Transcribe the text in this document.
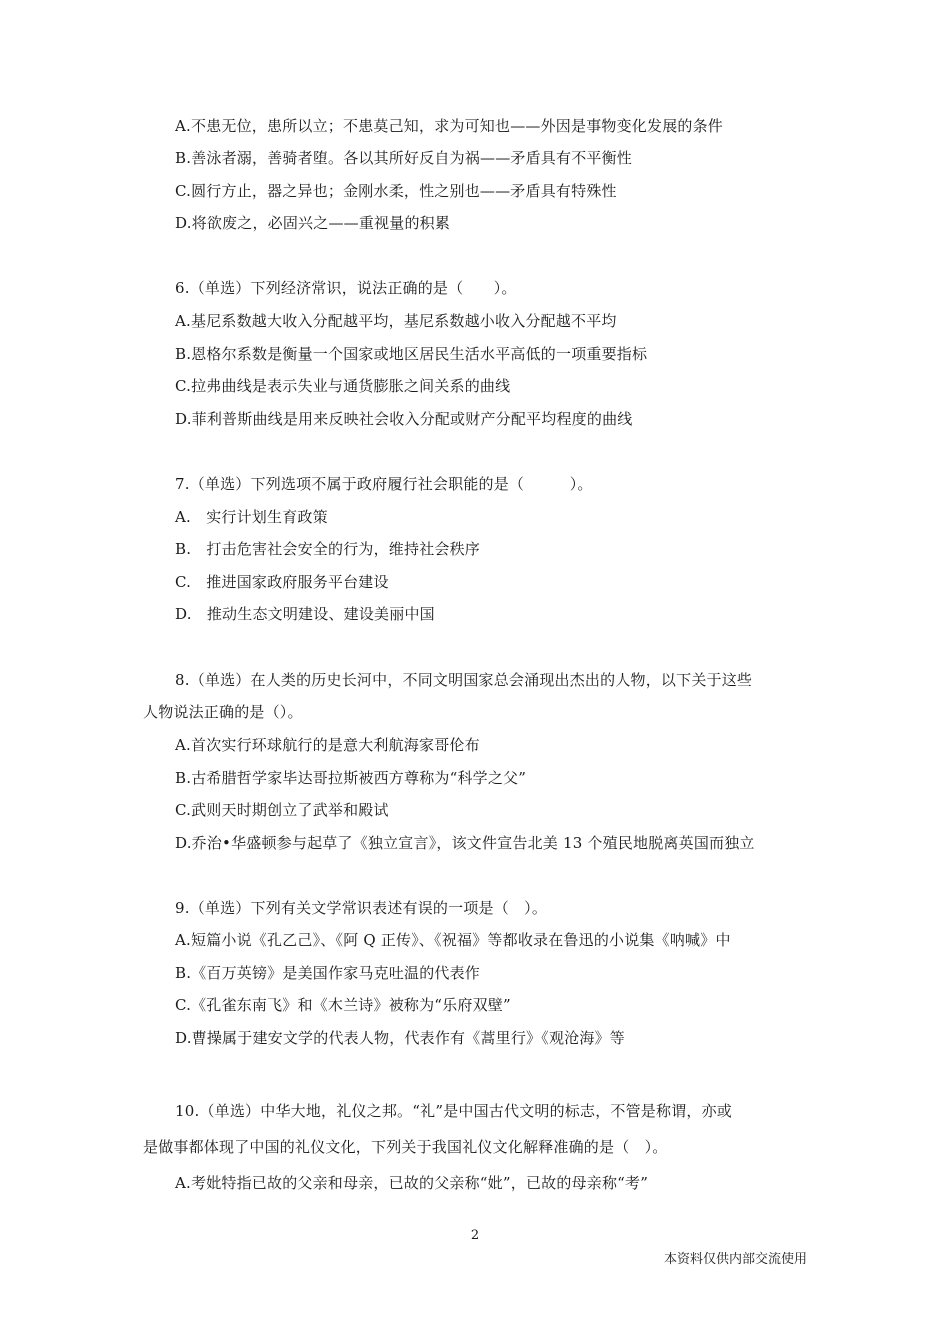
A.不患无位，患所以立；不患莫己知，求为可知也——外因是事物变化发展的条件
B.善泳者溺，善骑者堕。各以其所好反自为祸——矛盾具有不平衡性
C.圆行方止，器之异也；金刚水柔，性之别也——矛盾具有特殊性
D.将欲废之，必固兴之——重视量的积累
6.（单选）下列经济常识，说法正确的是（　　）。
A.基尼系数越大收入分配越平均，基尼系数越小收入分配越不平均
B.恩格尔系数是衡量一个国家或地区居民生活水平高低的一项重要指标
C.拉弗曲线是表示失业与通货膨胀之间关系的曲线
D.菲利普斯曲线是用来反映社会收入分配或财产分配平均程度的曲线
7.（单选）下列选项不属于政府履行社会职能的是（　　　）。
A.　实行计划生育政策
B.　打击危害社会安全的行为，维持社会秩序
C.　推进国家政府服务平台建设
D.　推动生态文明建设、建设美丽中国
8.（单选）在人类的历史长河中，不同文明国家总会涌现出杰出的人物，以下关于这些
人物说法正确的是（）。
A.首次实行环球航行的是意大利航海家哥伦布
B.古希腊哲学家毕达哥拉斯被西方尊称为“科学之父”
C.武则天时期创立了武举和殿试
D.乔治•华盛顿参与起草了《独立宣言》，该文件宣告北美 13 个殖民地脱离英国而独立
9.（单选）下列有关文学常识表述有误的一项是（　）。
A.短篇小说《孔乙己》、《阿 Q 正传》、《祝福》等都收录在鲁迅的小说集《呐喊》中
B.《百万英镑》是美国作家马克吐温的代表作
C.《孔雀东南飞》和《木兰诗》被称为“乐府双壁”
D.曹操属于建安文学的代表人物，代表作有《蒿里行》《观沧海》等
10.（单选）中华大地，礼仪之邦。“礼”是中国古代文明的标志，不管是称谓，亦或
是做事都体现了中国的礼仪文化，下列关于我国礼仪文化解释准确的是（　）。
A.考妣特指已故的父亲和母亲，已故的父亲称“妣”，已故的母亲称“考”
2
本资料仅供内部交流使用
